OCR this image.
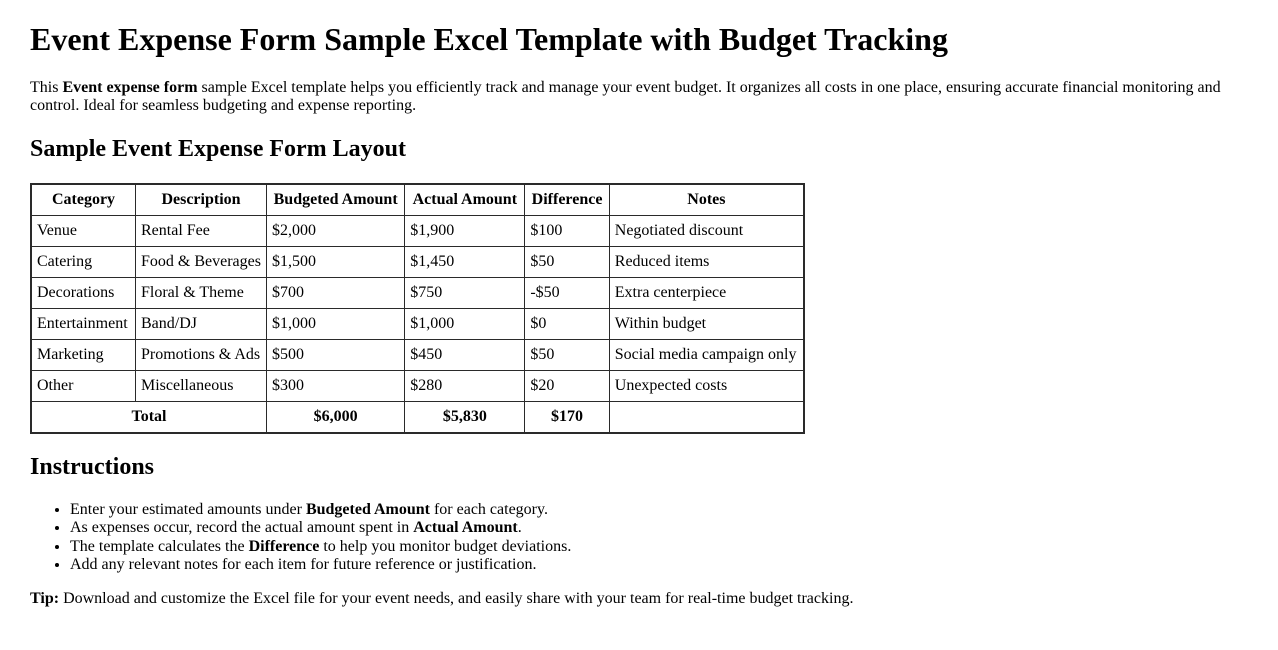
Event Expense Form Sample Excel Template with Budget Tracking

This Event expense form sample Excel template helps you efficiently track and manage your event budget. It organizes all costs in one place, ensuring accurate financial monitoring and control. Ideal for seamless budgeting and expense reporting.

Sample Event Expense Form Layout
Category	Description	Budgeted Amount	Actual Amount	Difference	Notes
Venue	Rental Fee	$2,000	$1,900	$100	Negotiated discount
Catering	Food & Beverages	$1,500	$1,450	$50	Reduced items
Decorations	Floral & Theme	$700	$750	-$50	Extra centerpiece
Entertainment	Band/DJ	$1,000	$1,000	$0	Within budget
Marketing	Promotions & Ads	$500	$450	$50	Social media campaign only
Other	Miscellaneous	$300	$280	$20	Unexpected costs
Total		$6,000	$5,830	$170	
Instructions
• Enter your estimated amounts under Budgeted Amount for each category.
• As expenses occur, record the actual amount spent in Actual Amount.
• The template calculates the Difference to help you monitor budget deviations.
• Add any relevant notes for each item for future reference or justification.

Tip: Download and customize the Excel file for your event needs, and easily share with your team for real-time budget tracking.
